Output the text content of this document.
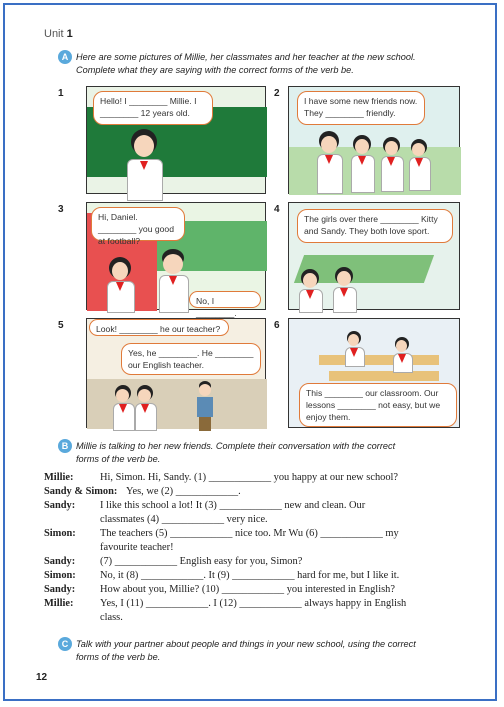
Unit 1
A Here are some pictures of Millie, her classmates and her teacher at the new school.
Complete what they are saying with the correct forms of the verb be.
1
Hello! I ________ Millie. I ________ 12 years old.
2
I have some new friends now. They ________ friendly.
3
Hi, Daniel. ________ you good at football?
No, I ________.
4
The girls over there ________ Kitty and Sandy. They both love sport.
5	Look! ________ he our teacher?
Yes, he ________. He ________ our English teacher.
6
This ________ our classroom. Our lessons ________ not easy, but we enjoy them.
B Millie is talking to her new friends. Complete their conversation with the correct
forms of the verb be.
Millie:	Hi, Simon. Hi, Sandy. (1) ____________ you happy at our new school?
Sandy & Simon: Yes, we (2) ____________.
Sandy: I like this school a lot! It (3) ____________ new and clean. Our
classmates (4) ____________ very nice.
Simon: The teachers (5) ____________ nice too. Mr Wu (6) ____________ my
favourite teacher!
Sandy: (7) ____________ English easy for you, Simon?
Simon: No, it (8) ____________. It (9) ____________ hard for me, but I like it.
Sandy: How about you, Millie? (10) ____________ you interested in English?
Millie:	Yes, I (11) ____________. I (12) ____________ always happy in English
class.
C Talk with your partner about people and things in your new school, using the correct
forms of the verb be.
12
